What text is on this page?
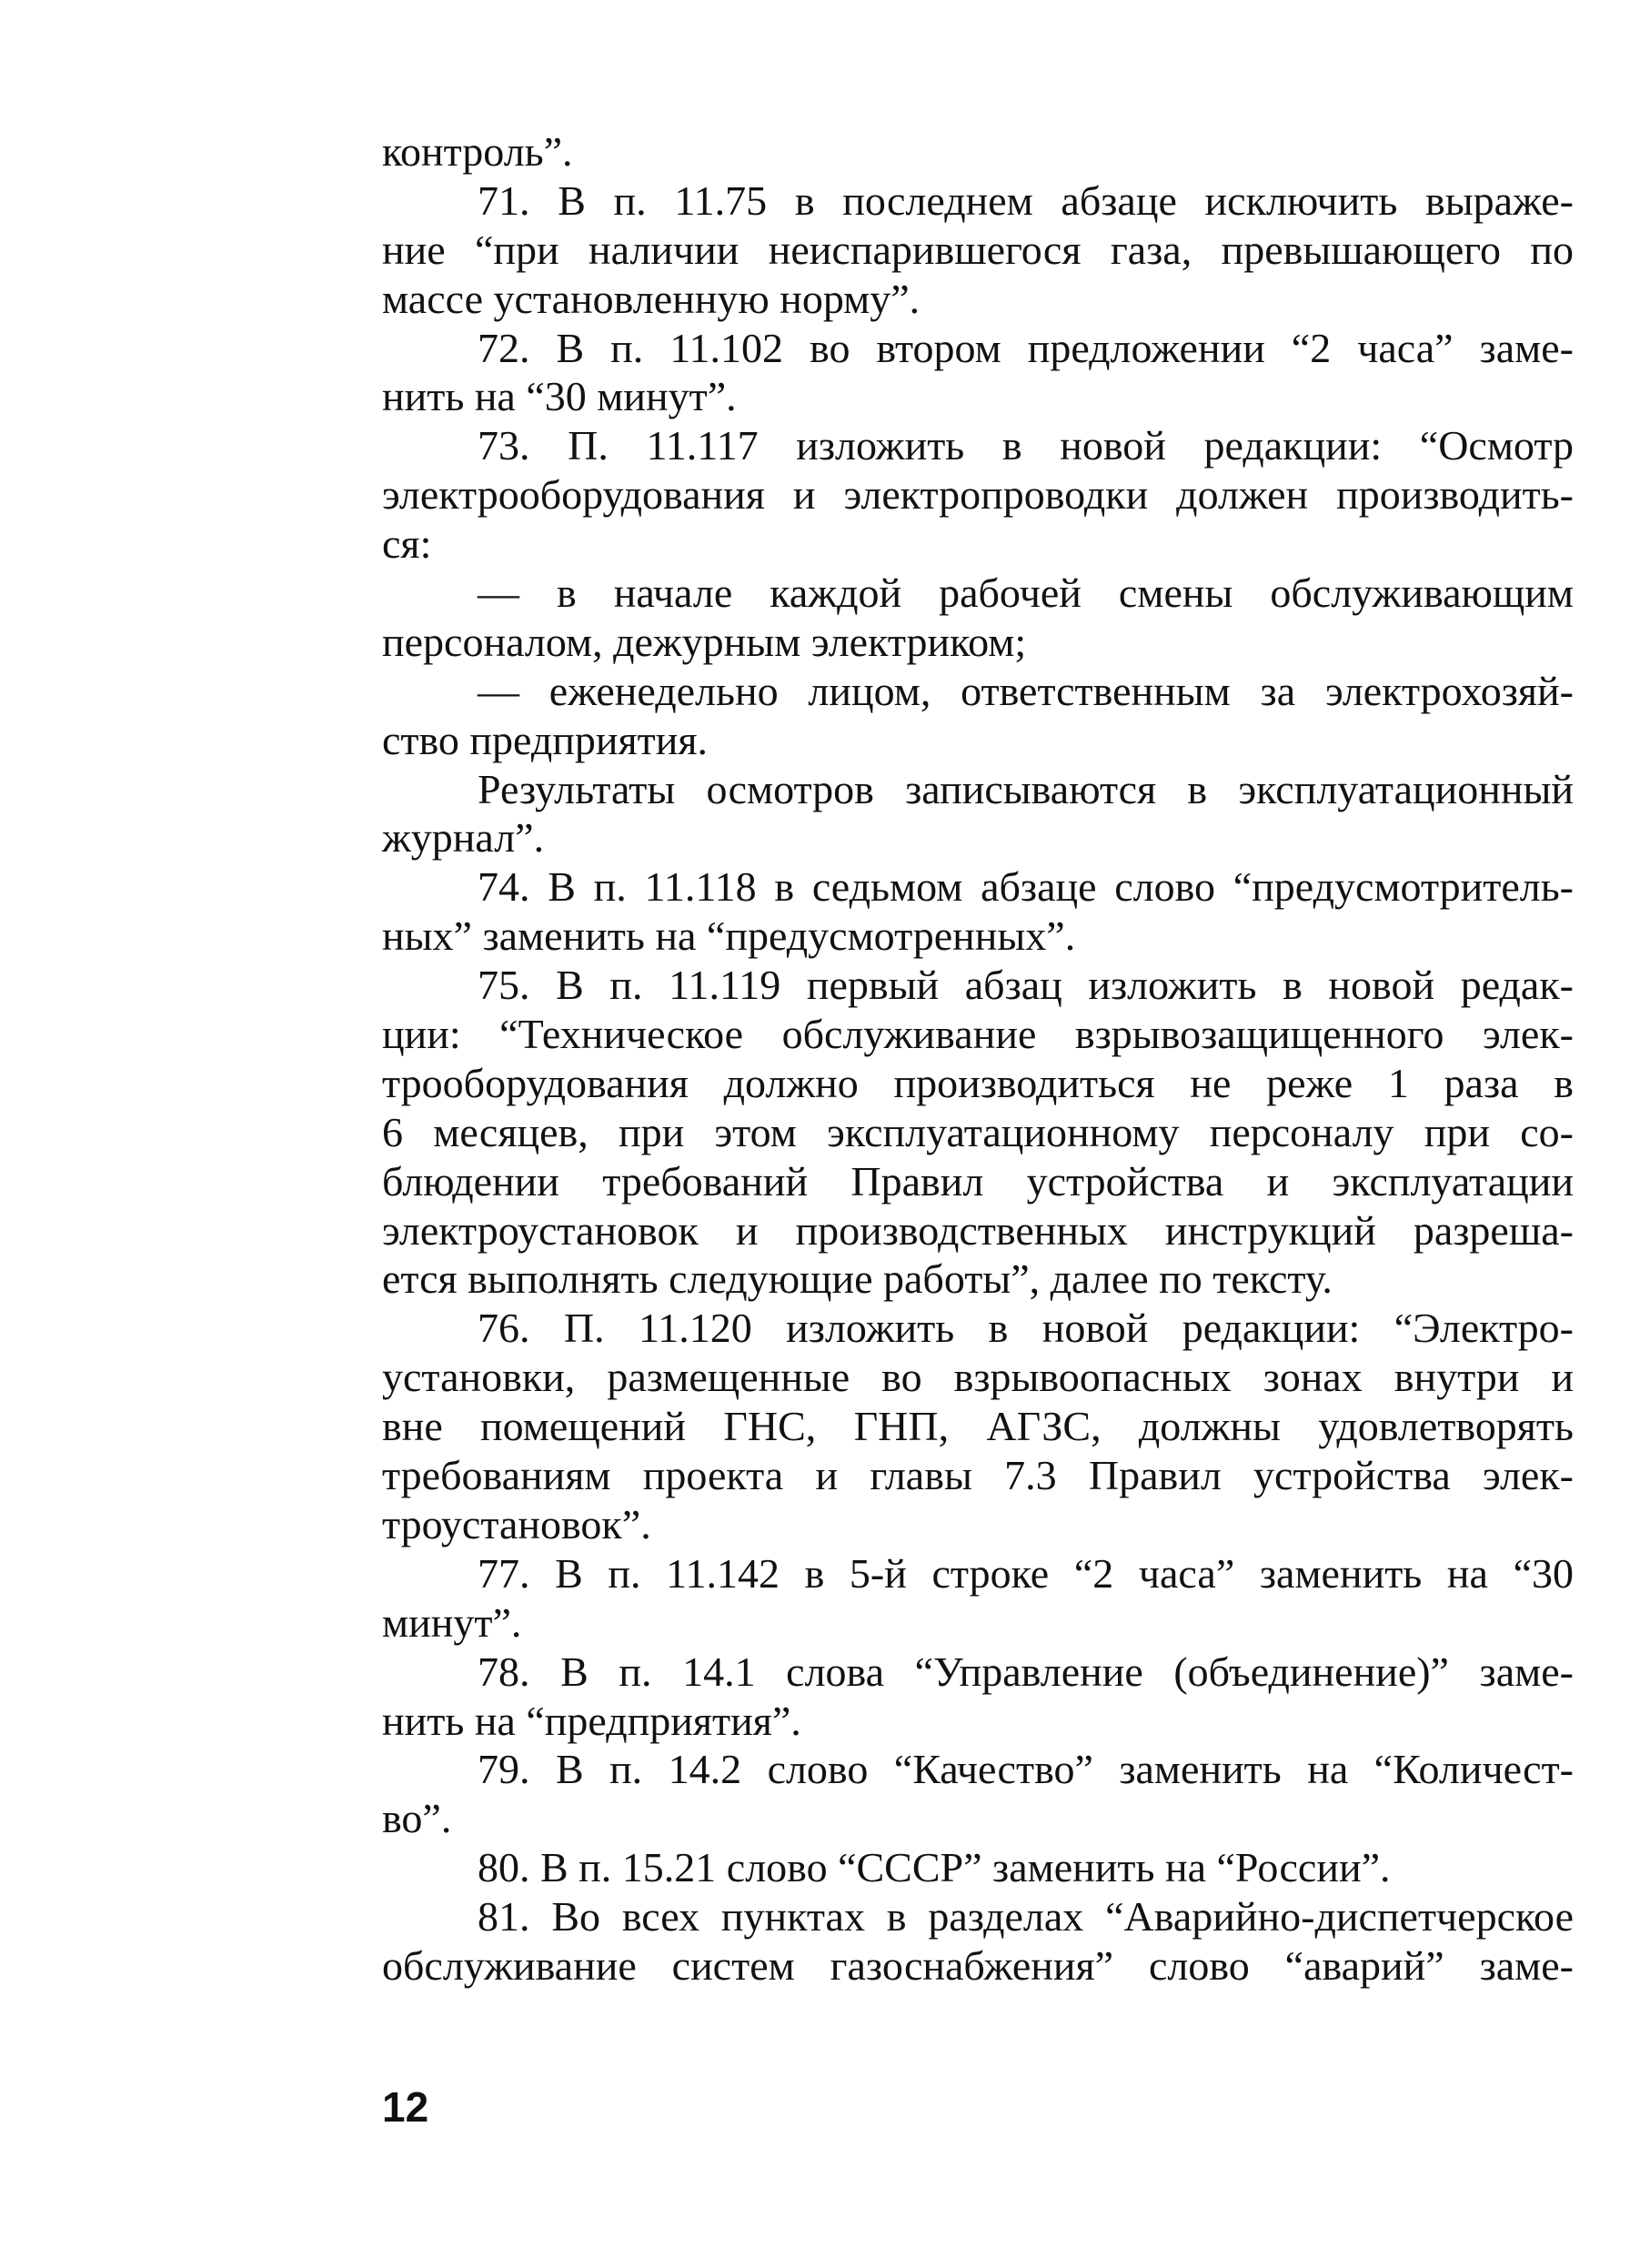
контроль”.
71. В п. 11.75 в последнем абзаце исключить выраже-
ние “при наличии неиспарившегося газа, превышающего по
массе установленную норму”.
72. В п. 11.102 во втором предложении “2 часа” заме-
нить на “30 минут”.
73. П. 11.117 изложить в новой редакции: “Осмотр
электрооборудования и электропроводки должен производить-
ся:
— в начале каждой рабочей смены обслуживающим
персоналом, дежурным электриком;
— еженедельно лицом, ответственным за электрохозяй-
ство предприятия.
Результаты осмотров записываются в эксплуатационный
журнал”.
74. В п. 11.118 в седьмом абзаце слово “предусмотритель-
ных” заменить на “предусмотренных”.
75. В п. 11.119 первый абзац изложить в новой редак-
ции: “Техническое обслуживание взрывозащищенного элек-
трооборудования должно производиться не реже 1 раза в
6 месяцев, при этом эксплуатационному персоналу при со-
блюдении требований Правил устройства и эксплуатации
электроустановок и производственных инструкций разреша-
ется выполнять следующие работы”, далее по тексту.
76. П. 11.120 изложить в новой редакции: “Электро-
установки, размещенные во взрывоопасных зонах внутри и
вне помещений ГНС, ГНП, АГЗС, должны удовлетворять
требованиям проекта и главы 7.3 Правил устройства элек-
троустановок”.
77. В п. 11.142 в 5-й строке “2 часа” заменить на “30
минут”.
78. В п. 14.1 слова “Управление (объединение)” заме-
нить на “предприятия”.
79. В п. 14.2 слово “Качество” заменить на “Количест-
во”.
80. В п. 15.21 слово “СССР” заменить на “России”.
81. Во всех пунктах в разделах “Аварийно-диспетчерское
обслуживание систем газоснабжения” слово “аварий” заме-
12
